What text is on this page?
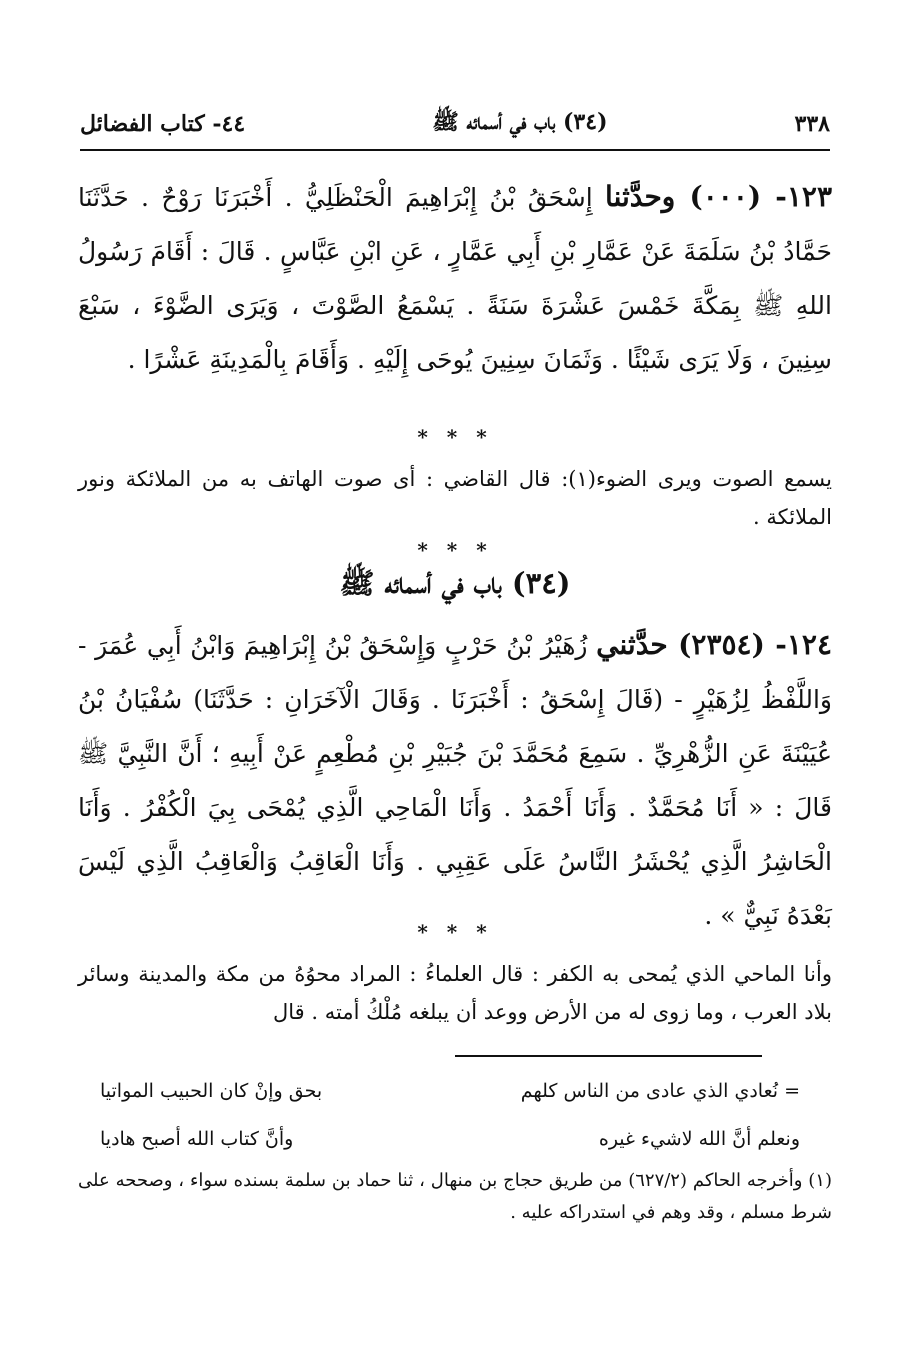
٣٣٨
(٣٤) باب في أسمائه ﷺ
٤٤- كتاب الفضائل
١٢٣- (٠٠٠) وحدَّثنا إِسْحَقُ بْنُ إِبْرَاهِيمَ الْحَنْظَلِيُّ . أَخْبَرَنَا رَوْحٌ . حَدَّثَنَا حَمَّادُ بْنُ سَلَمَةَ عَنْ عَمَّارِ بْنِ أَبِي عَمَّارٍ ، عَنِ ابْنِ عَبَّاسٍ . قَالَ : أَقَامَ رَسُولُ اللهِ ﷺ بِمَكَّةَ خَمْسَ عَشْرَةَ سَنَةً . يَسْمَعُ الصَّوْتَ ، وَيَرَى الضَّوْءَ ، سَبْعَ سِنِينَ ، وَلَا يَرَى شَيْئًا . وَثَمَانَ سِنِينَ يُوحَى إِلَيْهِ . وَأَقَامَ بِالْمَدِينَةِ عَشْرًا .
* * *
يسمع الصوت ويرى الضوء(١): قال القاضي : أى صوت الهاتف به من الملائكة ونور الملائكة .
* * *
(٣٤) باب في أسمائه ﷺ
١٢٤- (٢٣٥٤) حدَّثني زُهَيْرُ بْنُ حَرْبٍ وَإِسْحَقُ بْنُ إِبْرَاهِيمَ وَابْنُ أَبِي عُمَرَ - وَاللَّفْظُ لِزُهَيْرٍ - (قَالَ إِسْحَقُ : أَخْبَرَنَا . وَقَالَ الْآخَرَانِ : حَدَّثَنَا) سُفْيَانُ بْنُ عُيَيْنَةَ عَنِ الزُّهْرِيِّ . سَمِعَ مُحَمَّدَ بْنَ جُبَيْرِ بْنِ مُطْعِمٍ عَنْ أَبِيهِ ؛ أَنَّ النَّبِيَّ ﷺ قَالَ : « أَنَا مُحَمَّدٌ . وَأَنَا أَحْمَدُ . وَأَنَا الْمَاحِي الَّذِي يُمْحَى بِيَ الْكُفْرُ . وَأَنَا الْحَاشِرُ الَّذِي يُحْشَرُ النَّاسُ عَلَى عَقِبِي . وَأَنَا الْعَاقِبُ وَالْعَاقِبُ الَّذِي لَيْسَ بَعْدَهُ نَبِيٌّ » .
* * *
وأنا الماحي الذي يُمحى به الكفر : قال العلماءُ : المراد محوُهُ من مكة والمدينة وسائر بلاد العرب ، وما زوى له من الأرض ووعد أن يبلغه مُلْكُ أمته . قال
= نُعادي الذي عادى من الناس كلهم
بحق وإنْ كان الحبيب المواتيا
ونعلم أنَّ الله لاشيء غيره
وأنَّ كتاب الله أصبح هاديا
(١) وأخرجه الحاكم (٦٢٧/٢) من طريق حجاج بن منهال ، ثنا حماد بن سلمة بسنده سواء ، وصححه على شرط مسلم ، وقد وهم في استدراكه عليه .
